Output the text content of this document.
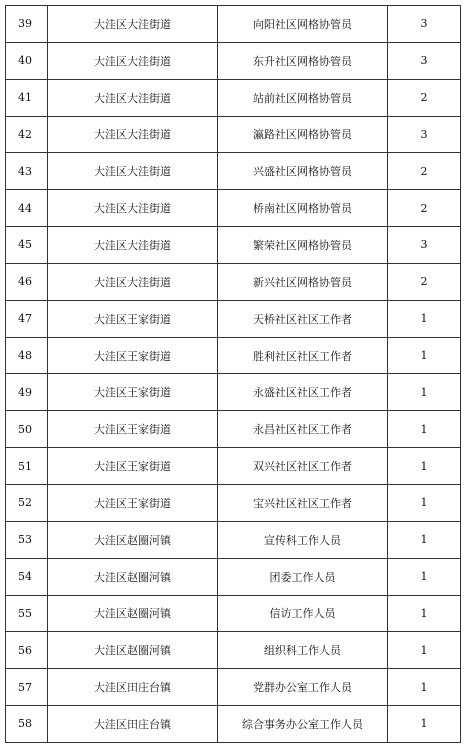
39	大洼区大洼街道	向阳社区网格协管员	3
40	大洼区大洼街道	东升社区网格协管员	3
41	大洼区大洼街道	站前社区网格协管员	2
42	大洼区大洼街道	瀛路社区网格协管员	3
43	大洼区大洼街道	兴盛社区网格协管员	2
44	大洼区大洼街道	桥南社区网格协管员	2
45	大洼区大洼街道	繁荣社区网格协管员	3
46	大洼区大洼街道	新兴社区网格协管员	2
47	大洼区王家街道	天桥社区社区工作者	1
48	大洼区王家街道	胜利社区社区工作者	1
49	大洼区王家街道	永盛社区社区工作者	1
50	大洼区王家街道	永昌社区社区工作者	1
51	大洼区王家街道	双兴社区社区工作者	1
52	大洼区王家街道	宝兴社区社区工作者	1
53	大洼区赵圈河镇	宣传科工作人员	1
54	大洼区赵圈河镇	团委工作人员	1
55	大洼区赵圈河镇	信访工作人员	1
56	大洼区赵圈河镇	组织科工作人员	1
57	大洼区田庄台镇	党群办公室工作人员	1
58	大洼区田庄台镇	综合事务办公室工作人员	1
